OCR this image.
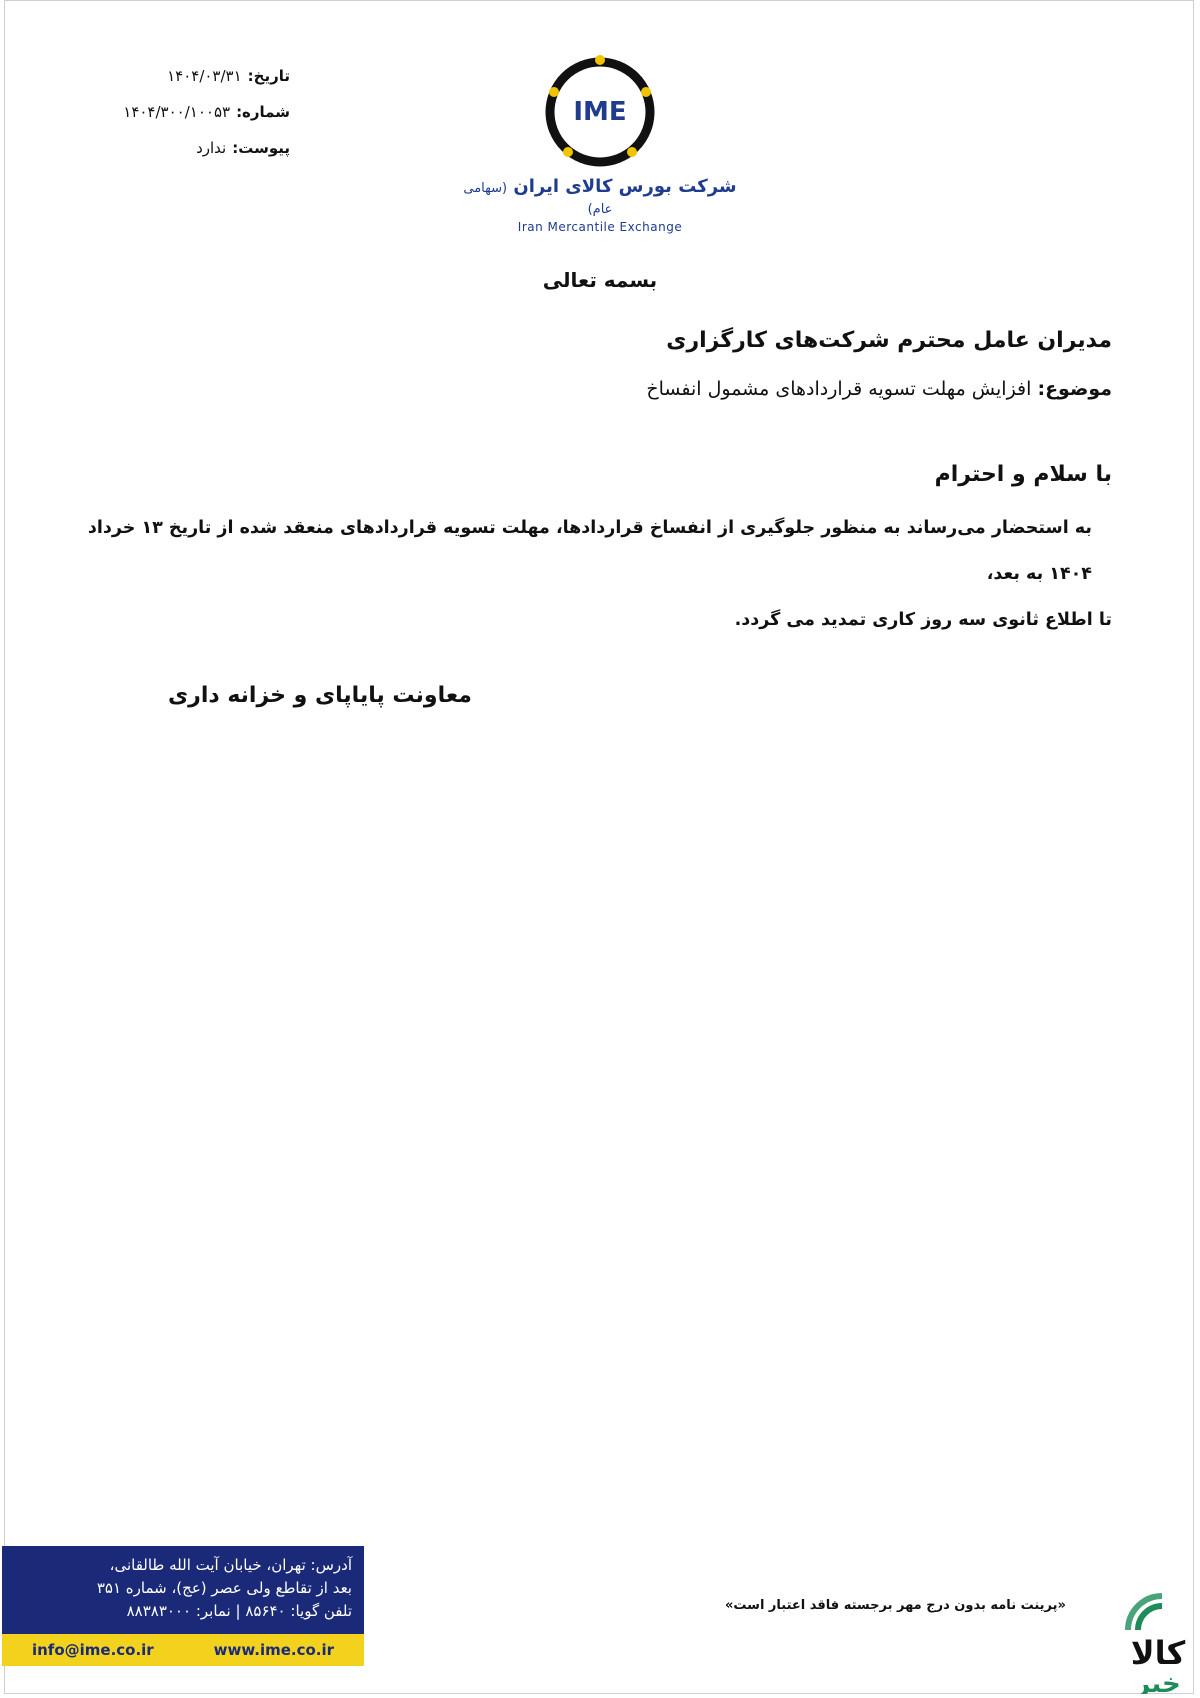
تاریخ:
۱۴۰۴/۰۳/۳۱
شماره:
۱۴۰۴/۳۰۰/۱۰۰۵۳
پیوست:
ندارد
IME
شرکت بورس کالای ایران (سهامی عام)
Iran Mercantile Exchange
بسمه تعالی
مدیران عامل محترم شرکت‌های کارگزاری
موضوع: افزایش مهلت تسویه قراردادهای مشمول انفساخ
با سلام و احترام

به استحضار می‌رساند به منظور جلوگیری از انفساخ قراردادها، مهلت تسویه قراردادهای منعقد شده از تاریخ ۱۳ خرداد ۱۴۰۴ به بعد،

تا اطلاع ثانوی سه روز کاری تمدید می گردد.

معاونت پایاپای و خزانه داری
آدرس: تهران، خیابان آیت الله طالقانی،
بعد از تقاطع ولی عصر (عج)، شماره ۳۵۱
تلفن گویا: ۸۵۶۴۰ | نمابر: ۸۸۳۸۳۰۰۰
info@ime.co.ir	www.ime.co.ir
«پرینت نامه بدون درج مهر برجسته فاقد اعتبار است»
کالا
خبر
